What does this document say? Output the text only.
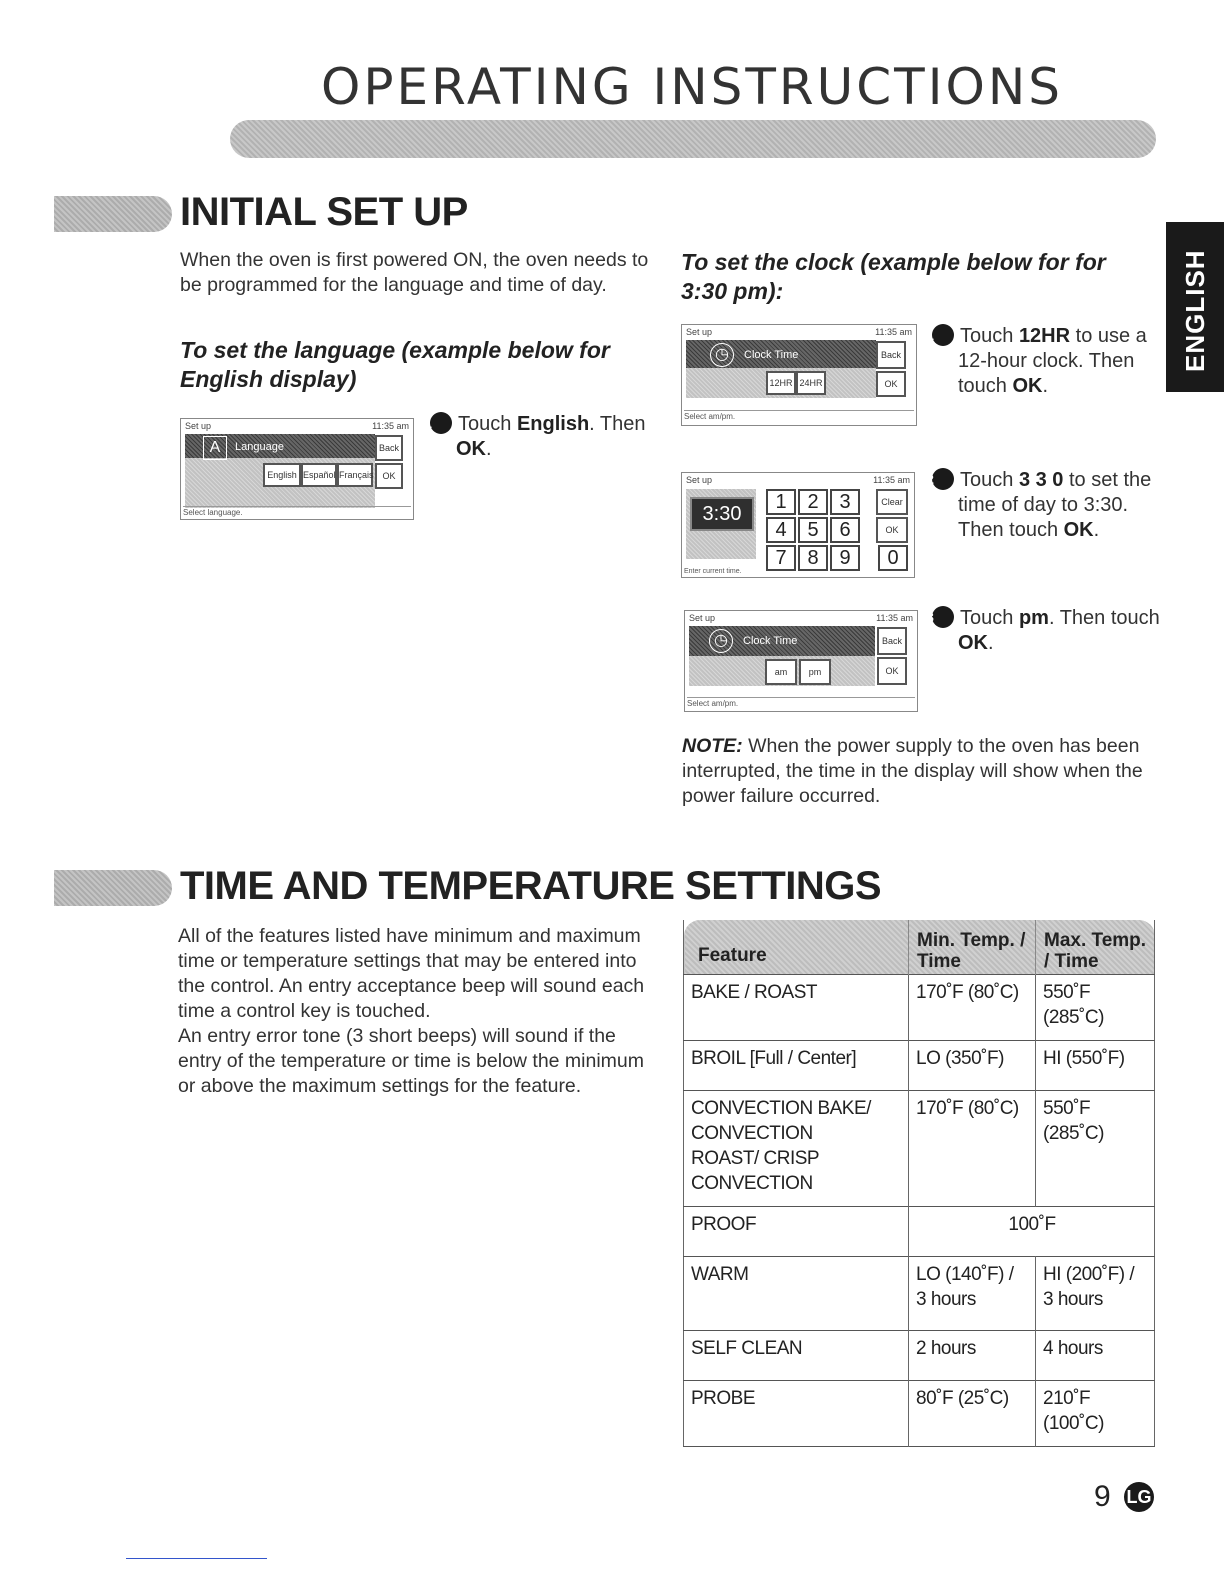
OPERATING INSTRUCTIONS
ENGLISH
INITIAL SET UP
When the oven is first powered ON, the oven needs to be programmed for the language and time of day.
To set the language (example below for English display)
Set up	11:35 am
A	Language
English Español Français
Back
OK
Select language.
1 Touch English. Then OK.
To set the clock (example below for for 3:30 pm):
Set up	11:35 am
◷	Clock Time
12HR 24HR
Back
OK
Select am/pm.
1 Touch 12HR to use a 12-hour clock. Then touch OK.
Set up	11:35 am
3:30
1	2	3
4	5	6
7	8	9	0
Clear
OK
Enter current time.
2 Touch 3 3 0 to set the time of day to 3:30. Then touch OK.
Set up	11:35 am
◷	Clock Time
am	pm
Back
OK
Select am/pm.
3 Touch pm. Then touch OK.
NOTE: When the power supply to the oven has been interrupted, the time in the display will show when the power failure occurred.
TIME AND TEMPERATURE SETTINGS
All of the features listed have minimum and maximum time or temperature settings that may be entered into the control. An entry acceptance beep will sound each time a control key is touched.
An entry error tone (3 short beeps) will sound if the entry of the temperature or time is below the minimum or above the maximum settings for the feature.
Feature	Min. Temp. / Time	Max. Temp. / Time
BAKE / ROAST	170˚F (80˚C)	550˚F (285˚C)
BROIL [Full / Center]	LO (350˚F)	HI (550˚F)
CONVECTION BAKE/ CONVECTION ROAST/ CRISP CONVECTION	170˚F (80˚C)	550˚F (285˚C)
PROOF	100˚F	
WARM	LO (140˚F) / 3 hours	HI (200˚F) / 3 hours
SELF CLEAN	2 hours	4 hours
PROBE	80˚F (25˚C)	210˚F (100˚C)
9 LG
